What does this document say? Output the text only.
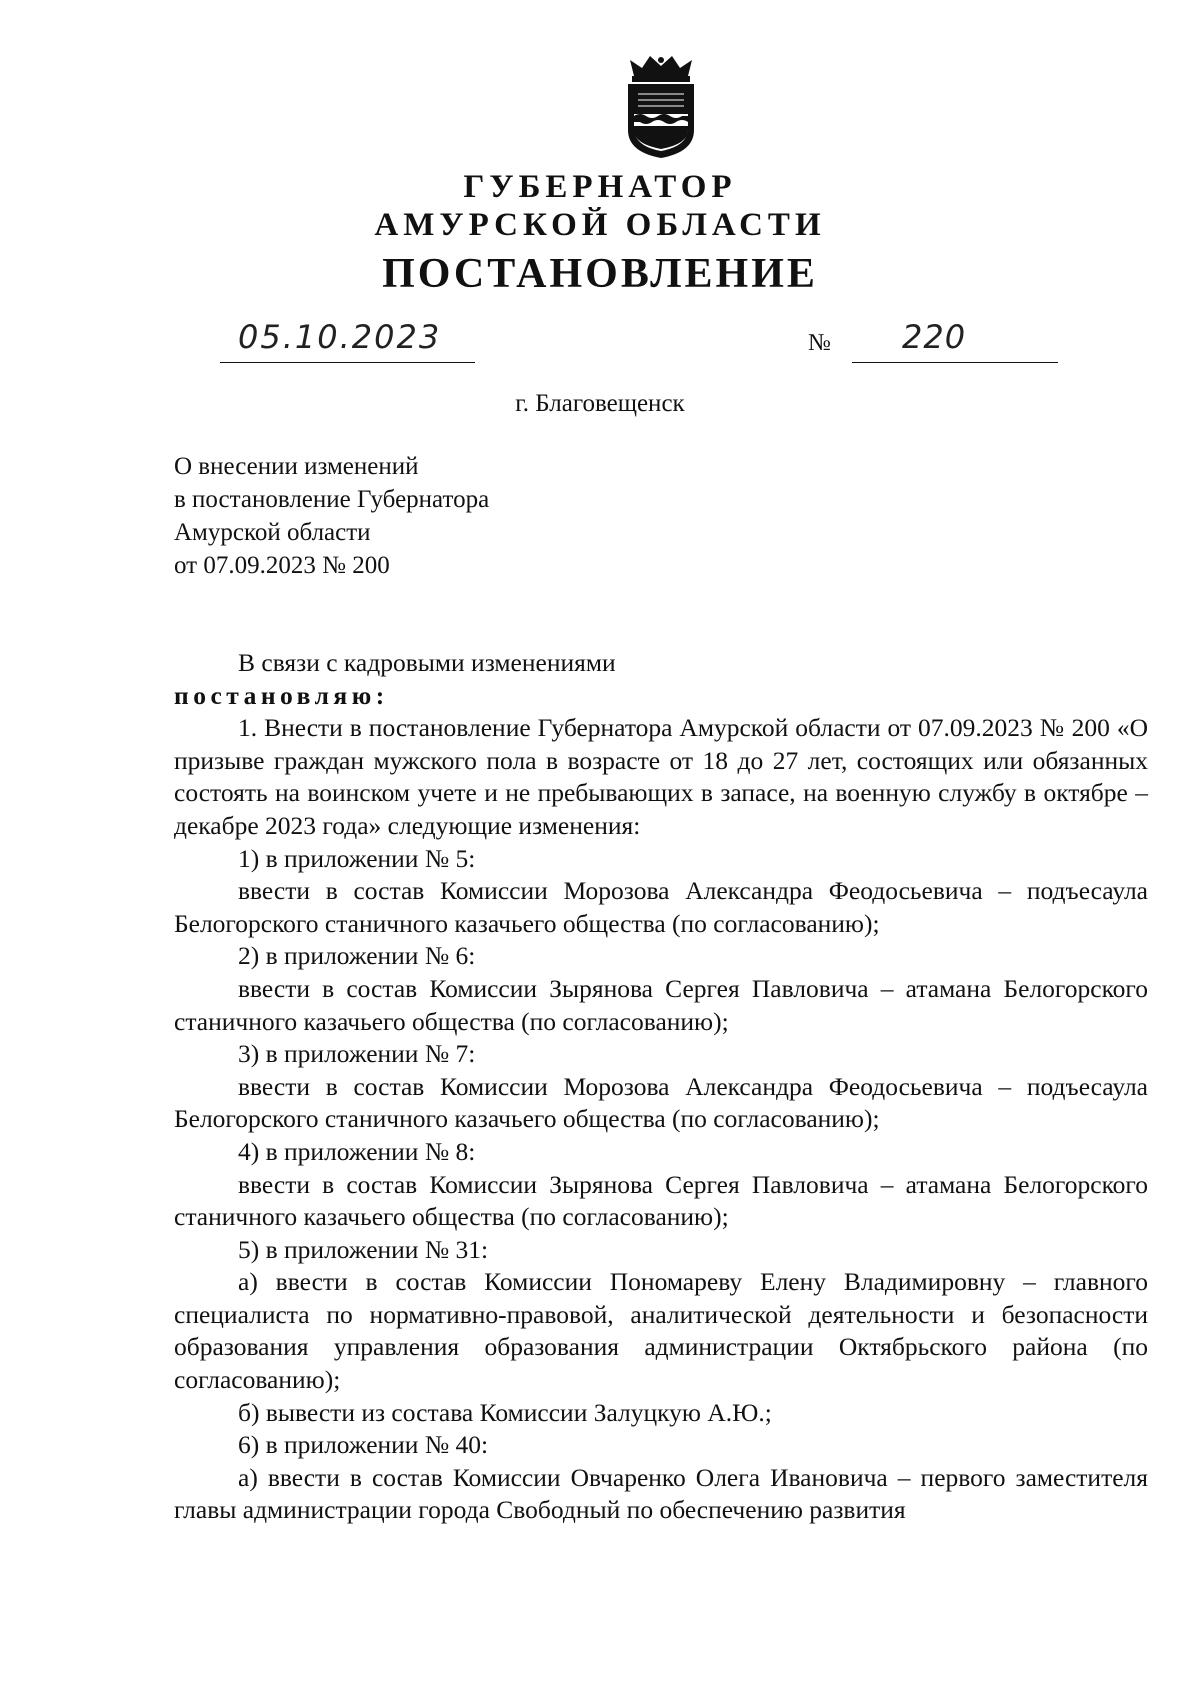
ГУБЕРНАТОР
АМУРСКОЙ ОБЛАСТИ
ПОСТАНОВЛЕНИЕ
05.10.2023	№ 220
г. Благовещенск
О внесении изменений
в постановление Губернатора
Амурской области
от 07.09.2023 № 200
В связи с кадровыми изменениями
постановляю:
1. Внести в постановление Губернатора Амурской области от 07.09.2023 № 200 «О призыве граждан мужского пола в возрасте от 18 до 27 лет, состоящих или обязанных состоять на воинском учете и не пребывающих в запасе, на военную службу в октябре – декабре 2023 года» следующие изменения:
1) в приложении № 5:
ввести в состав Комиссии Морозова Александра Феодосьевича – подъесаула Белогорского станичного казачьего общества (по согласованию);
2) в приложении № 6:
ввести в состав Комиссии Зырянова Сергея Павловича – атамана Белогорского станичного казачьего общества (по согласованию);
3) в приложении № 7:
ввести в состав Комиссии Морозова Александра Феодосьевича – подъесаула Белогорского станичного казачьего общества (по согласованию);
4) в приложении № 8:
ввести в состав Комиссии Зырянова Сергея Павловича – атамана Белогорского станичного казачьего общества (по согласованию);
5) в приложении № 31:
а) ввести в состав Комиссии Пономареву Елену Владимировну – главного специалиста по нормативно-правовой, аналитической деятельности и безопасности образования управления образования администрации Октябрьского района (по согласованию);
б) вывести из состава Комиссии Залуцкую А.Ю.;
6) в приложении № 40:
а) ввести в состав Комиссии Овчаренко Олега Ивановича – первого заместителя главы администрации города Свободный по обеспечению развития
